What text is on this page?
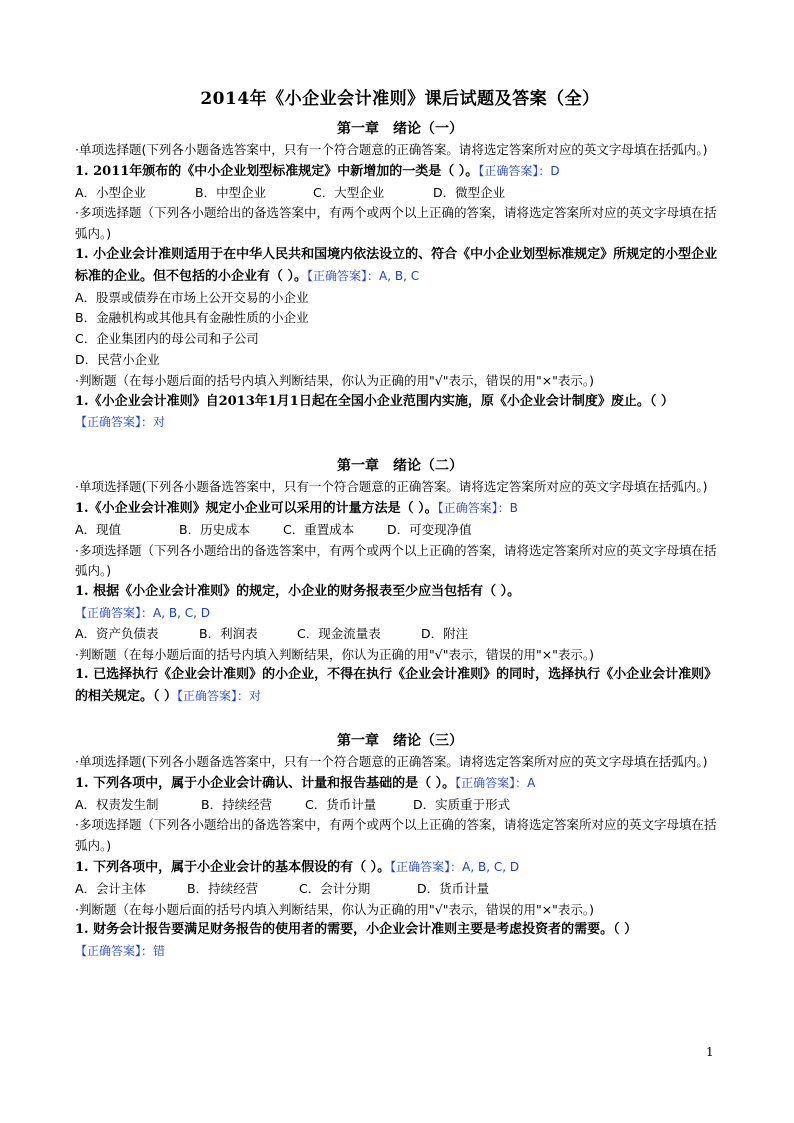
2014年《小企业会计准则》课后试题及答案（全）
第一章　绪论（一）

·单项选择题(下列各小题备选答案中，只有一个符合题意的正确答案。请将选定答案所对应的英文字母填在括弧内。)

1. 2011年颁布的《中小企业划型标准规定》中新增加的一类是（ ）。【正确答案】：D

A．小型企业	B．中型企业	C．大型企业	D．微型企业

·多项选择题（下列各小题给出的备选答案中，有两个或两个以上正确的答案，请将选定答案所对应的英文字母填在括弧内。)

1. 小企业会计准则适用于在中华人民共和国境内依法设立的、符合《中小企业划型标准规定》所规定的小型企业标准的企业。但不包括的小企业有（ ）。【正确答案】：A, B, C

A．股票或债券在市场上公开交易的小企业

B．金融机构或其他具有金融性质的小企业

C．企业集团内的母公司和子公司

D．民营小企业

·判断题（在每小题后面的括号内填入判断结果，你认为正确的用"√"表示，错误的用"×"表示。)

1.《小企业会计准则》自2013年1月1日起在全国小企业范围内实施，原《小企业会计制度》废止。（ ）

【正确答案】：对

第一章　绪论（二）

·单项选择题(下列各小题备选答案中，只有一个符合题意的正确答案。请将选定答案所对应的英文字母填在括弧内。)

1.《小企业会计准则》规定小企业可以采用的计量方法是（ ）。【正确答案】：B

A．现值	B．历史成本	C．重置成本	D．可变现净值

·多项选择题（下列各小题给出的备选答案中，有两个或两个以上正确的答案，请将选定答案所对应的英文字母填在括弧内。)

1. 根据《小企业会计准则》的规定，小企业的财务报表至少应当包括有（ ）。

【正确答案】：A, B, C, D

A．资产负债表	B．利润表	C．现金流量表	D．附注

·判断题（在每小题后面的括号内填入判断结果，你认为正确的用"√"表示，错误的用"×"表示。)

1. 已选择执行《企业会计准则》的小企业，不得在执行《企业会计准则》的同时，选择执行《小企业会计准则》的相关规定。（ ）【正确答案】：对

第一章　绪论（三）

·单项选择题(下列各小题备选答案中，只有一个符合题意的正确答案。请将选定答案所对应的英文字母填在括弧内。)

1. 下列各项中，属于小企业会计确认、计量和报告基础的是（ ）。【正确答案】：A

A．权责发生制	B．持续经营	C．货币计量	D．实质重于形式

·多项选择题（下列各小题给出的备选答案中，有两个或两个以上正确的答案，请将选定答案所对应的英文字母填在括弧内。)

1. 下列各项中，属于小企业会计的基本假设的有（ ）。【正确答案】：A, B, C, D

A．会计主体	B．持续经营	C．会计分期	D．货币计量

·判断题（在每小题后面的括号内填入判断结果，你认为正确的用"√"表示，错误的用"×"表示。)

1. 财务会计报告要满足财务报告的使用者的需要，小企业会计准则主要是考虑投资者的需要。（ ）

【正确答案】：错

1
